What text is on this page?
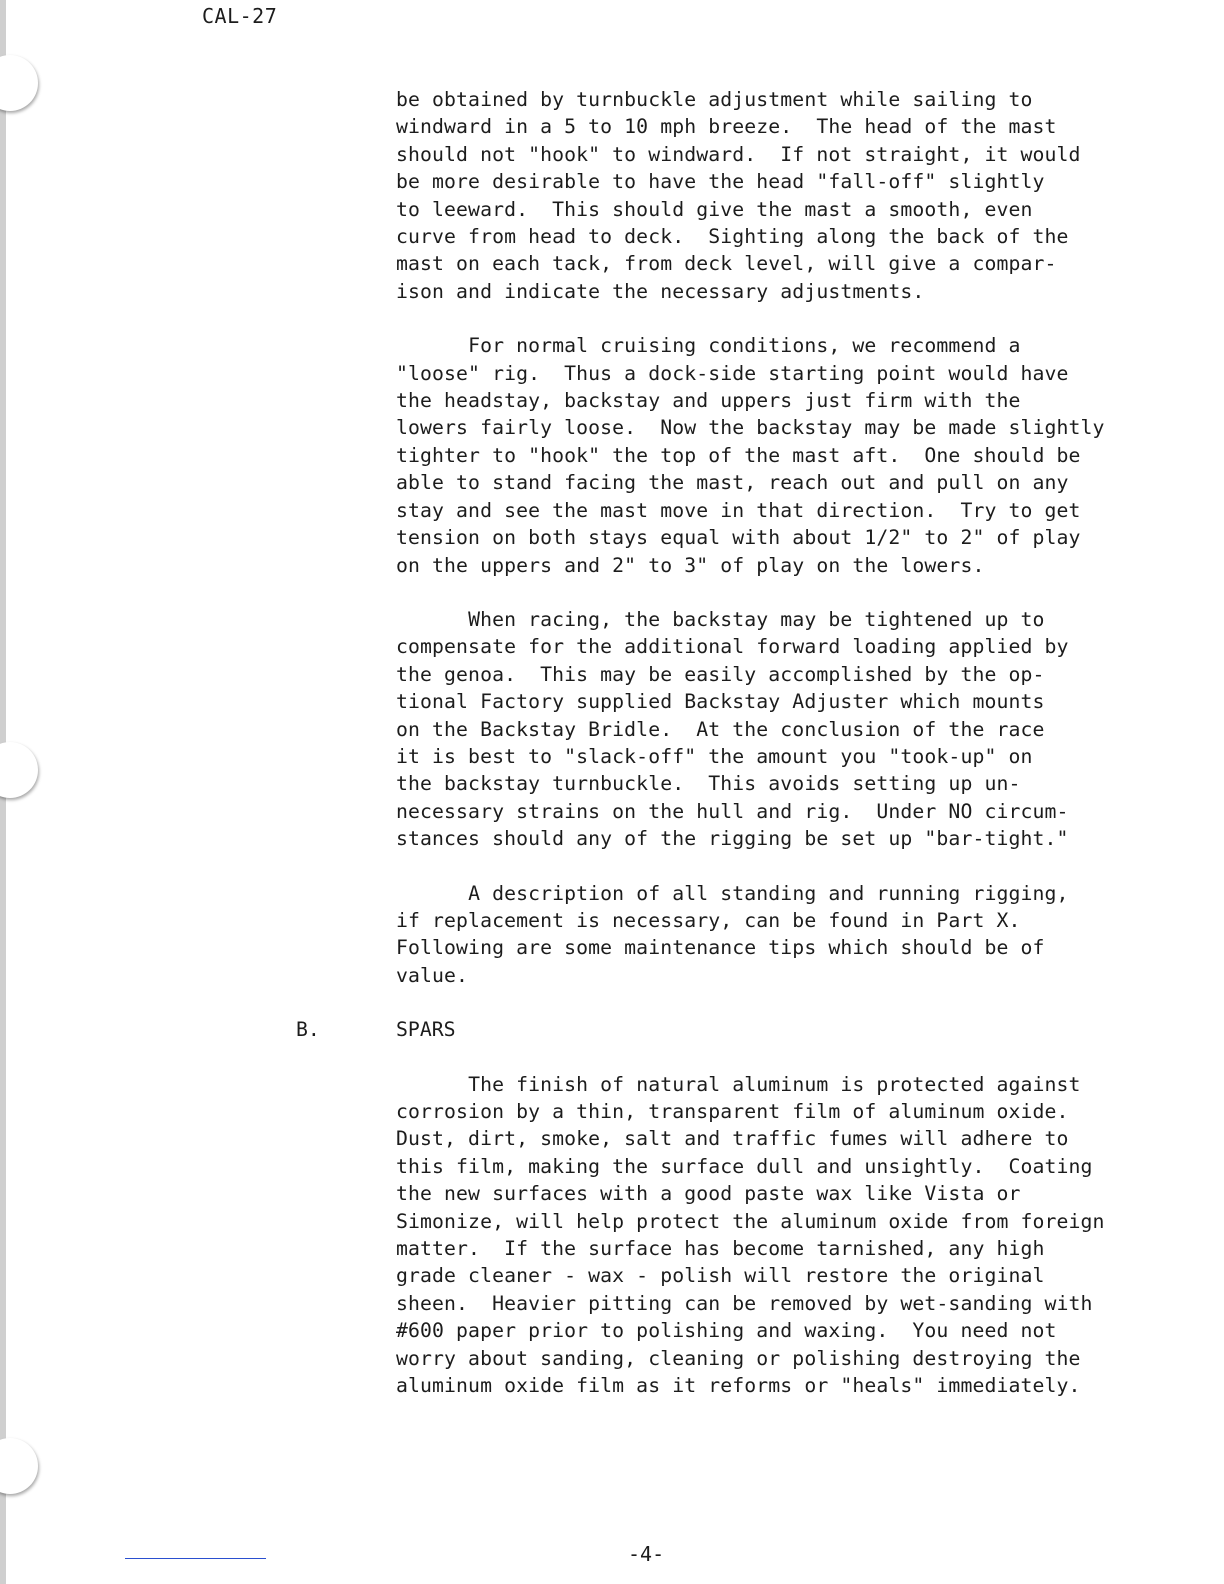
CAL-27

be obtained by turnbuckle adjustment while sailing to
windward in a 5 to 10 mph breeze.  The head of the mast
should not "hook" to windward.  If not straight, it would
be more desirable to have the head "fall-off" slightly
to leeward.  This should give the mast a smooth, even
curve from head to deck.  Sighting along the back of the
mast on each tack, from deck level, will give a compar-
ison and indicate the necessary adjustments.

For normal cruising conditions, we recommend a
"loose" rig.  Thus a dock-side starting point would have
the headstay, backstay and uppers just firm with the
lowers fairly loose.  Now the backstay may be made slightly
tighter to "hook" the top of the mast aft.  One should be
able to stand facing the mast, reach out and pull on any
stay and see the mast move in that direction.  Try to get
tension on both stays equal with about 1/2" to 2" of play
on the uppers and 2" to 3" of play on the lowers.

When racing, the backstay may be tightened up to
compensate for the additional forward loading applied by
the genoa.  This may be easily accomplished by the op-
tional Factory supplied Backstay Adjuster which mounts
on the Backstay Bridle.  At the conclusion of the race
it is best to "slack-off" the amount you "took-up" on
the backstay turnbuckle.  This avoids setting up un-
necessary strains on the hull and rig.  Under NO circum-
stances should any of the rigging be set up "bar-tight."

A description of all standing and running rigging,
if replacement is necessary, can be found in Part X.
Following are some maintenance tips which should be of
value.

B.	SPARS

The finish of natural aluminum is protected against
corrosion by a thin, transparent film of aluminum oxide.
Dust, dirt, smoke, salt and traffic fumes will adhere to
this film, making the surface dull and unsightly.  Coating
the new surfaces with a good paste wax like Vista or
Simonize, will help protect the aluminum oxide from foreign
matter.  If the surface has become tarnished, any high
grade cleaner - wax - polish will restore the original
sheen.  Heavier pitting can be removed by wet-sanding with
#600 paper prior to polishing and waxing.  You need not
worry about sanding, cleaning or polishing destroying the
aluminum oxide film as it reforms or "heals" immediately.

-4-
